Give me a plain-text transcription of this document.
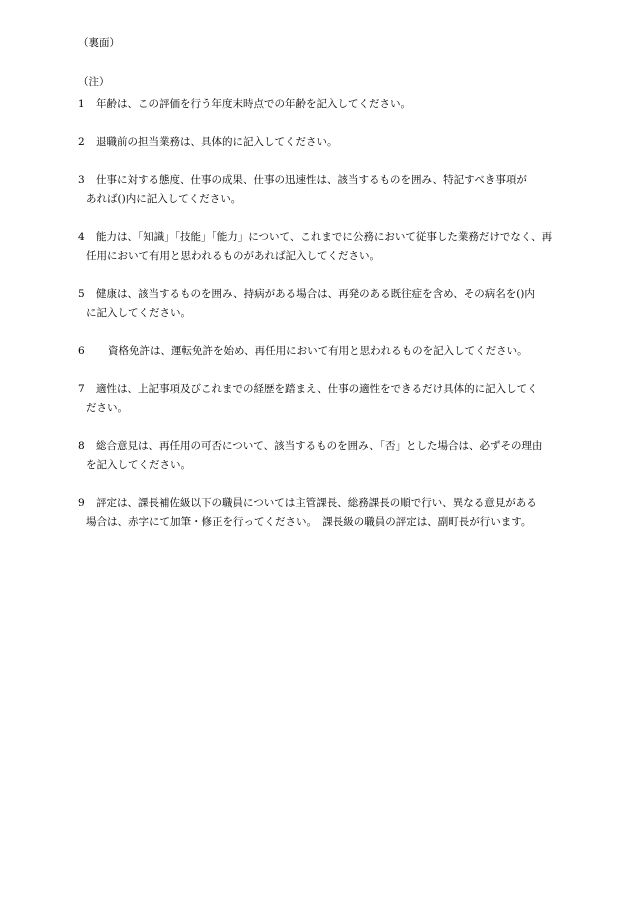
（裏面）
（注）
1 年齢は、この評価を行う年度末時点での年齢を記入してください。
2 退職前の担当業務は、具体的に記入してください。
3 仕事に対する態度、仕事の成果、仕事の迅速性は、該当するものを囲み、特記すべき事項が
あれば()内に記入してください。
4 能力は、「知識」「技能」「能力」について、これまでに公務において従事した業務だけでなく、再
任用において有用と思われるものがあれば記入してください。
5 健康は、該当するものを囲み、持病がある場合は、再発のある既往症を含め、その病名を()内
に記入してください。
6 資格免許は、運転免許を始め、再任用において有用と思われるものを記入してください。
7 適性は、上記事項及びこれまでの経歴を踏まえ、仕事の適性をできるだけ具体的に記入してく
ださい。
8 総合意見は、再任用の可否について、該当するものを囲み、「否」とした場合は、必ずその理由
を記入してください。
9 評定は、課長補佐級以下の職員については主管課長、総務課長の順で行い、異なる意見がある
場合は、赤字にて加筆・修正を行ってください。　課長級の職員の評定は、副町長が行います。
